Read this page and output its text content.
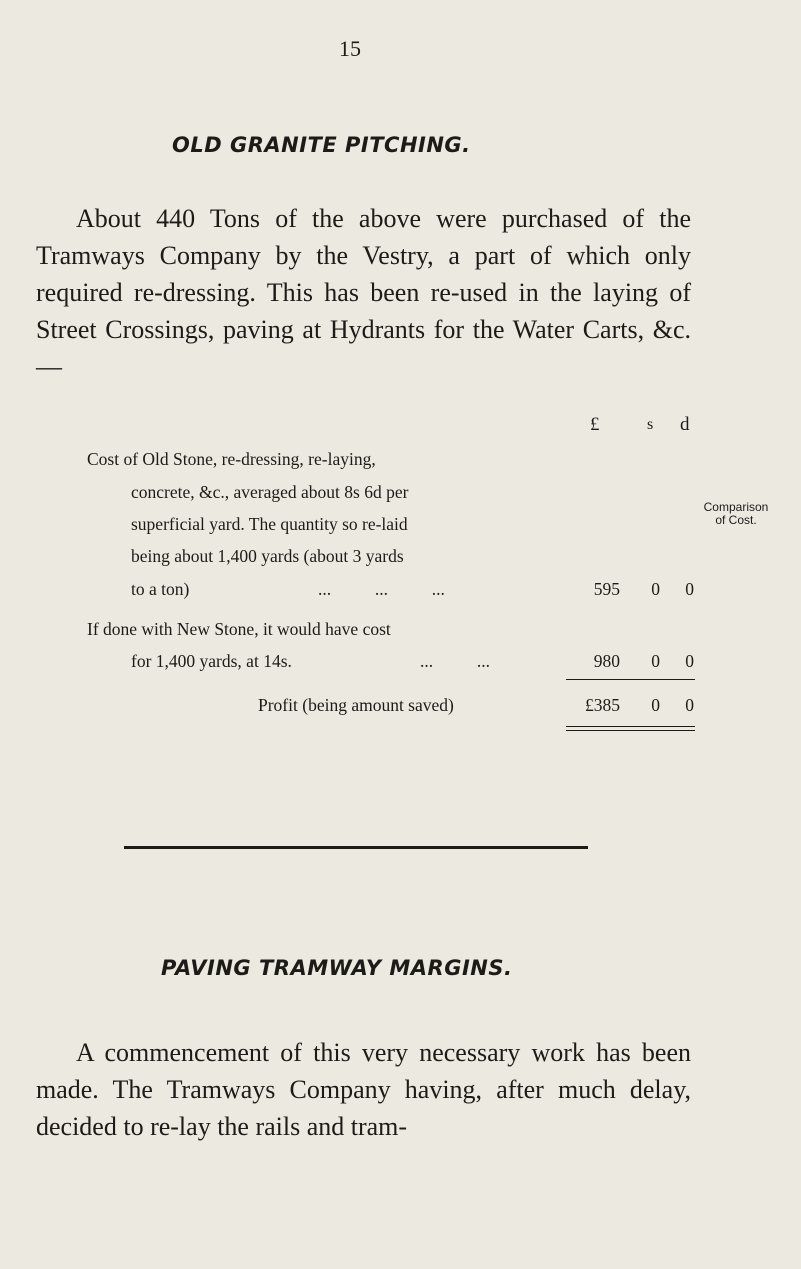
15
OLD GRANITE PITCHING.
About 440 Tons of the above were purchased of the Tramways Company by the Vestry, a part of which only required re-dressing. This has been re-used in the laying of Street Crossings, paving at Hydrants for the Water Carts, &c.—
£	s d
Cost of Old Stone, re-dressing, re-laying,
concrete, &c., averaged about 8s 6d per
superficial yard. The quantity so re-laid
being about 1,400 yards (about 3 yards
to a ton)	...          ...          ...	595	0	0
If done with New Stone, it would have cost
for 1,400 yards, at 14s.	...          ...	980	0	0
Profit (being amount saved)	£385	0	0
Comparison
of Cost.
PAVING TRAMWAY MARGINS.
A commencement of this very necessary work has been made. The Tramways Company having, after much delay, decided to re-lay the rails and tram-
